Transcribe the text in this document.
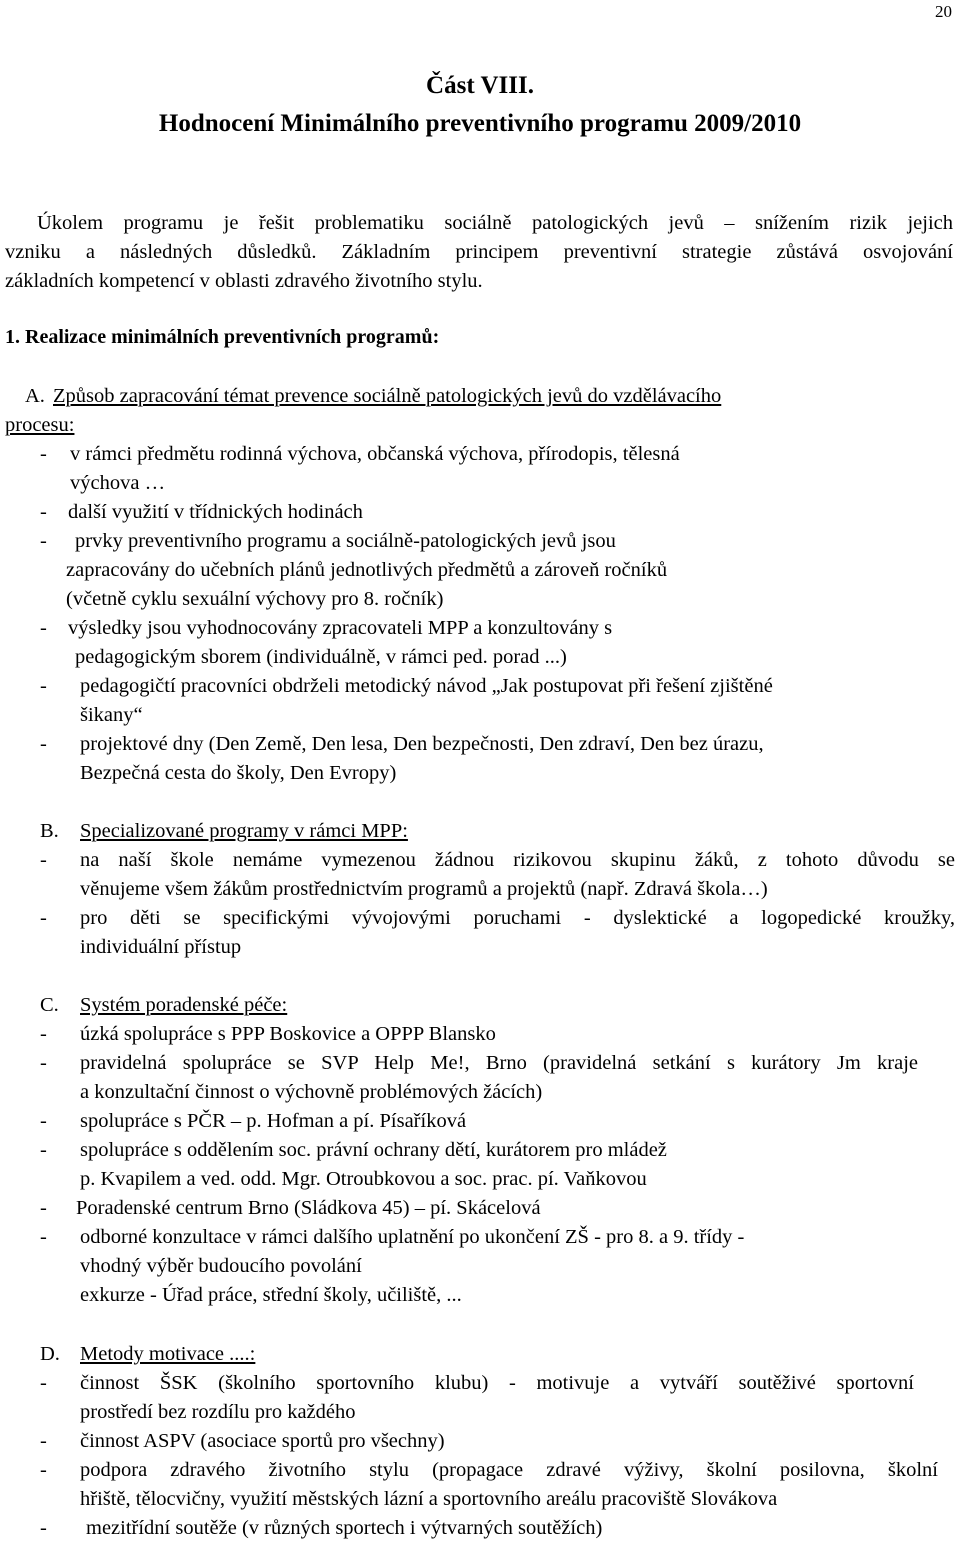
20
Část VIII.
Hodnocení Minimálního preventivního programu 2009/2010
Úkolem programu je řešit problematiku sociálně patologických jevů – snížením rizik jejich
vzniku a následných důsledků. Základním principem preventivní strategie zůstává osvojování
základních kompetencí v oblasti zdravého životního stylu.
1. Realizace minimálních preventivních programů:
A. Způsob zapracování témat prevence sociálně patologických jevů do vzdělávacího
procesu:
- v rámci předmětu rodinná výchova, občanská výchova, přírodopis, tělesná
výchova …
- další využití v třídnických hodinách
- prvky preventivního programu a sociálně-patologických jevů jsou
zapracovány do učebních plánů jednotlivých předmětů a zároveň ročníků
(včetně cyklu sexuální výchovy pro 8. ročník)
- výsledky jsou vyhodnocovány zpracovateli MPP a konzultovány s
pedagogickým sborem (individuálně, v rámci ped. porad ...)
- pedagogičtí pracovníci obdrželi metodický návod „Jak postupovat při řešení zjištěné
šikany“
- projektové dny (Den Země, Den lesa, Den bezpečnosti, Den zdraví, Den bez úrazu,
Bezpečná cesta do školy, Den Evropy)
B. Specializované programy v rámci MPP:
- na naší škole nemáme vymezenou žádnou rizikovou skupinu žáků, z tohoto důvodu se
věnujeme všem žákům prostřednictvím programů a projektů (např. Zdravá škola…)
- pro děti se specifickými vývojovými poruchami - dyslektické a logopedické kroužky,
individuální přístup
C. Systém poradenské péče:
- úzká spolupráce s PPP Boskovice a OPPP Blansko
- pravidelná spolupráce se SVP Help Me!, Brno (pravidelná setkání s kurátory Jm kraje
a konzultační činnost o výchovně problémových žácích)
- spolupráce s PČR – p. Hofman a pí. Písaříková
- spolupráce s oddělením soc. právní ochrany dětí, kurátorem pro mládež
p. Kvapilem a ved. odd. Mgr. Otroubkovou a soc. prac. pí. Vaňkovou
- Poradenské centrum Brno (Sládkova 45) – pí. Skácelová
- odborné konzultace v rámci dalšího uplatnění po ukončení ZŠ - pro 8. a 9. třídy -
vhodný výběr budoucího povolání
exkurze - Úřad práce, střední školy, učiliště, ...
D. Metody motivace ....:
- činnost ŠSK (školního sportovního klubu) - motivuje a vytváří soutěživé sportovní
prostředí bez rozdílu pro každého
- činnost ASPV (asociace sportů pro všechny)
- podpora zdravého životního stylu (propagace zdravé výživy, školní posilovna, školní
hřiště, tělocvičny, využití městských lázní a sportovního areálu pracoviště Slovákova
- mezitřídní soutěže (v různých sportech i výtvarných soutěžích)
